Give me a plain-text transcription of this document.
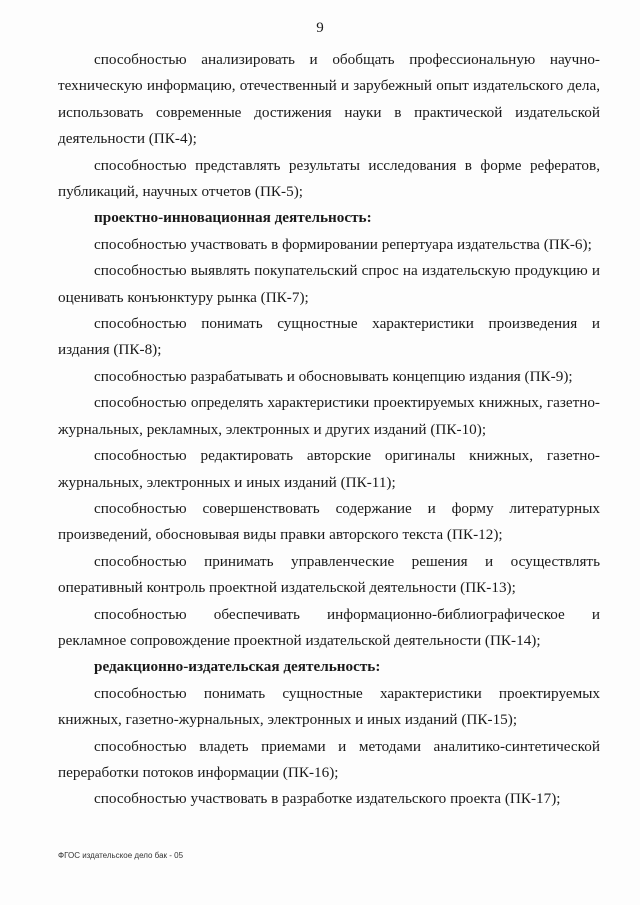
9

способностью анализировать и обобщать профессиональную научно-техническую информацию, отечественный и зарубежный опыт издательского дела, использовать современные достижения науки в практической издательской деятельности (ПК-4);

способностью представлять результаты исследования в форме рефератов, публикаций, научных отчетов (ПК-5);

проектно-инновационная деятельность:

способностью участвовать в формировании репертуара издательства (ПК-6);

способностью выявлять покупательский спрос на издательскую продукцию и оценивать конъюнктуру рынка (ПК-7);

способностью понимать сущностные характеристики произведения и издания (ПК-8);

способностью разрабатывать и обосновывать концепцию издания (ПК-9);

способностью определять характеристики проектируемых книжных, газетно-журнальных, рекламных, электронных и других изданий (ПК-10);

способностью редактировать авторские оригиналы книжных, газетно-журнальных, электронных и иных изданий (ПК-11);

способностью совершенствовать содержание и форму литературных произведений, обосновывая виды правки авторского текста (ПК-12);

способностью принимать управленческие решения и осуществлять оперативный контроль проектной издательской деятельности (ПК-13);

способностью обеспечивать информационно-библиографическое и рекламное сопровождение проектной издательской деятельности (ПК-14);

редакционно-издательская деятельность:

способностью понимать сущностные характеристики проектируемых книжных, газетно-журнальных, электронных и иных изданий (ПК-15);

способностью владеть приемами и методами аналитико-синтетической переработки потоков информации (ПК-16);

способностью участвовать в разработке издательского проекта (ПК-17);

ФГОС издательское дело бак - 05
